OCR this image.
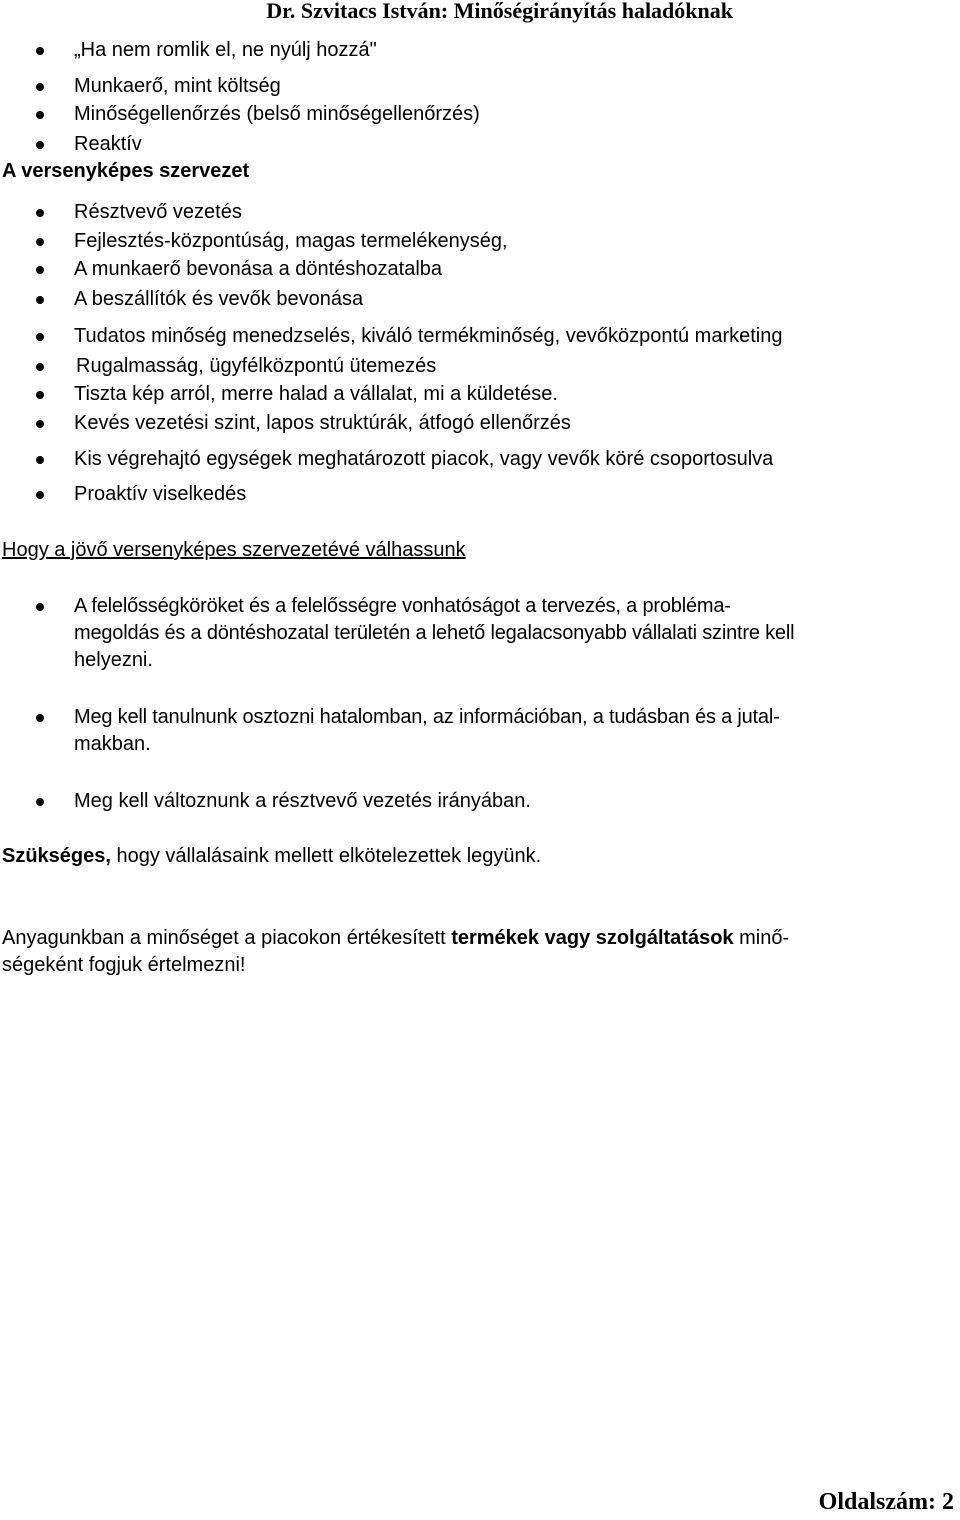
Dr. Szvitacs István: Minőségirányítás haladóknak
„Ha nem romlik el, ne nyúlj hozzá"
Munkaerő, mint költség
Minőségellenőrzés (belső minőségellenőrzés)
Reaktív
A versenyképes szervezet
Résztvevő vezetés
Fejlesztés-központúság, magas termelékenység,
A munkaerő bevonása a döntéshozatalba
A beszállítók és vevők bevonása
Tudatos minőség menedzselés, kiváló termékminőség, vevőközpontú marketing
Rugalmasság, ügyfélközpontú ütemezés
Tiszta kép arról, merre halad a vállalat, mi a küldetése.
Kevés vezetési szint, lapos struktúrák, átfogó ellenőrzés
Kis végrehajtó egységek meghatározott piacok, vagy vevők köré csoportosulva
Proaktív viselkedés
Hogy a jövő versenyképes szervezetévé válhassunk
A felelősségköröket és a felelősségre vonhatóságot a tervezés, a probléma-
megoldás és a döntéshozatal területén a lehető legalacsonyabb vállalati szintre kell
helyezni.
Meg kell tanulnunk osztozni hatalomban, az információban, a tudásban és a jutal-
makban.
Meg kell változnunk a résztvevő vezetés irányában.
Szükséges, hogy vállalásaink mellett elkötelezettek legyünk.
Anyagunkban a minőséget a piacokon értékesített termékek vagy szolgáltatások minő-
ségeként fogjuk értelmezni!
Oldalszám: 2
